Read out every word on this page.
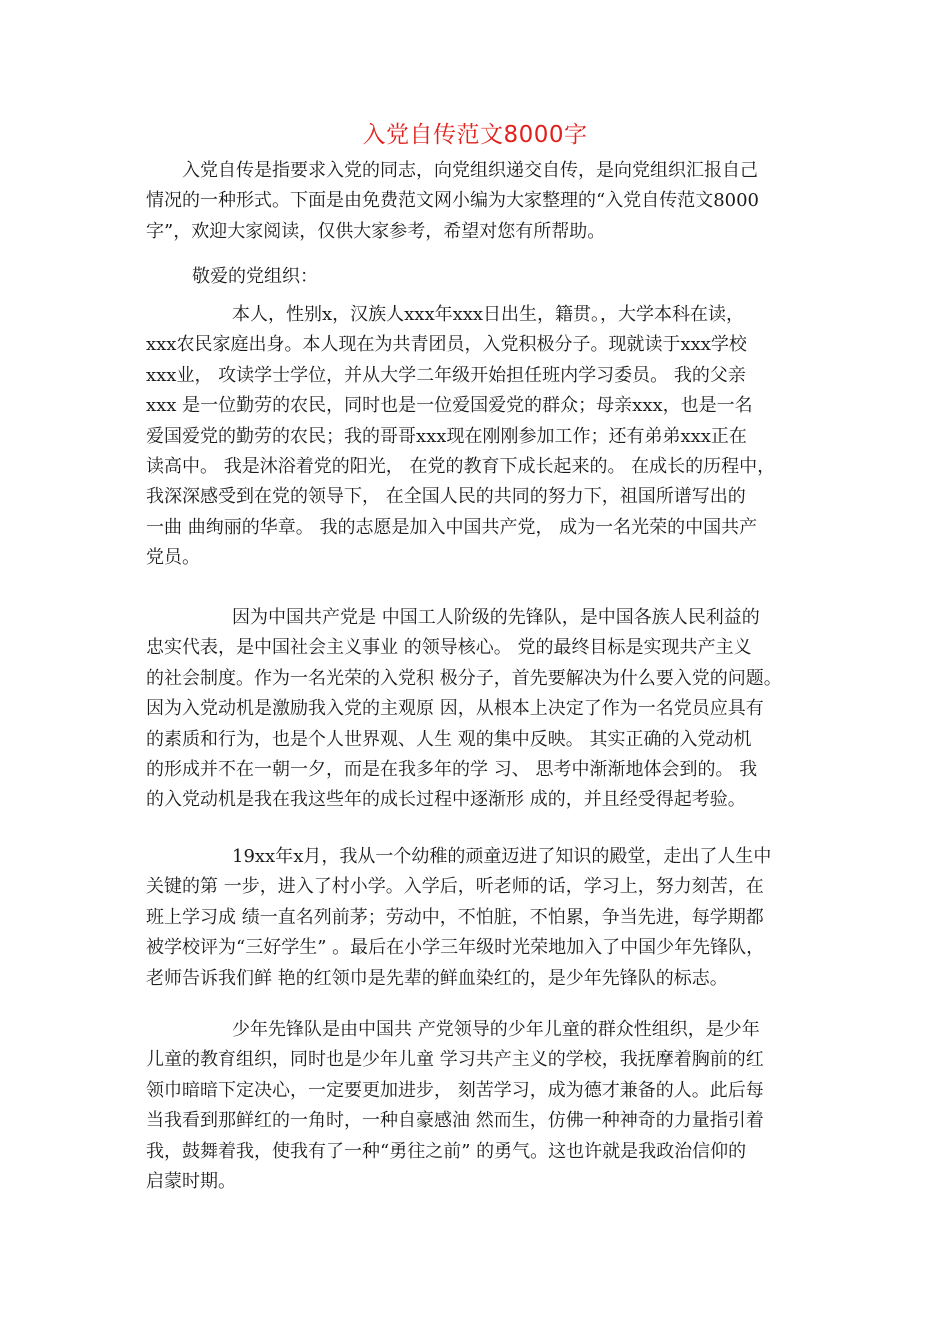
入党自传范文8000字
入党自传是指要求入党的同志，向党组织递交自传，是向党组织汇报自己
情况的一种形式。下面是由免费范文网小编为大家整理的“入党自传范文8000
字”，欢迎大家阅读，仅供大家参考，希望对您有所帮助。
敬爱的党组织：
本人，性别x，汉族人xxx年xxx日出生，籍贯。，大学本科在读，
xxx农民家庭出身。本人现在为共青团员，入党积极分子。现就读于xxx学校
xxx业， 攻读学士学位，并从大学二年级开始担任班内学习委员。 我的父亲
xxx 是一位勤劳的农民，同时也是一位爱国爱党的群众；母亲xxx，也是一名
爱国爱党的勤劳的农民；我的哥哥xxx现在刚刚参加工作；还有弟弟xxx正在
读高中。 我是沐浴着党的阳光， 在党的教育下成长起来的。 在成长的历程中，
我深深感受到在党的领导下， 在全国人民的共同的努力下，祖国所谱写出的
一曲 曲绚丽的华章。 我的志愿是加入中国共产党， 成为一名光荣的中国共产
党员。
因为中国共产党是 中国工人阶级的先锋队，是中国各族人民利益的
忠实代表，是中国社会主义事业 的领导核心。 党的最终目标是实现共产主义
的社会制度。作为一名光荣的入党积 极分子，首先要解决为什么要入党的问题。
因为入党动机是激励我入党的主观原 因，从根本上决定了作为一名党员应具有
的素质和行为，也是个人世界观、人生 观的集中反映。 其实正确的入党动机
的形成并不在一朝一夕，而是在我多年的学 习、 思考中渐渐地体会到的。 我
的入党动机是我在我这些年的成长过程中逐渐形 成的，并且经受得起考验。
19xx年x月，我从一个幼稚的顽童迈进了知识的殿堂，走出了人生中
关键的第 一步，进入了村小学。入学后，听老师的话，学习上，努力刻苦，在
班上学习成 绩一直名列前茅；劳动中，不怕脏，不怕累，争当先进，每学期都
被学校评为“三好学生” 。最后在小学三年级时光荣地加入了中国少年先锋队，
老师告诉我们鲜 艳的红领巾是先辈的鲜血染红的，是少年先锋队的标志。
少年先锋队是由中国共 产党领导的少年儿童的群众性组织，是少年
儿童的教育组织，同时也是少年儿童 学习共产主义的学校，我抚摩着胸前的红
领巾暗暗下定决心，一定要更加进步， 刻苦学习，成为德才兼备的人。此后每
当我看到那鲜红的一角时，一种自豪感油 然而生，仿佛一种神奇的力量指引着
我，鼓舞着我，使我有了一种“勇往之前” 的勇气。这也许就是我政治信仰的
启蒙时期。
